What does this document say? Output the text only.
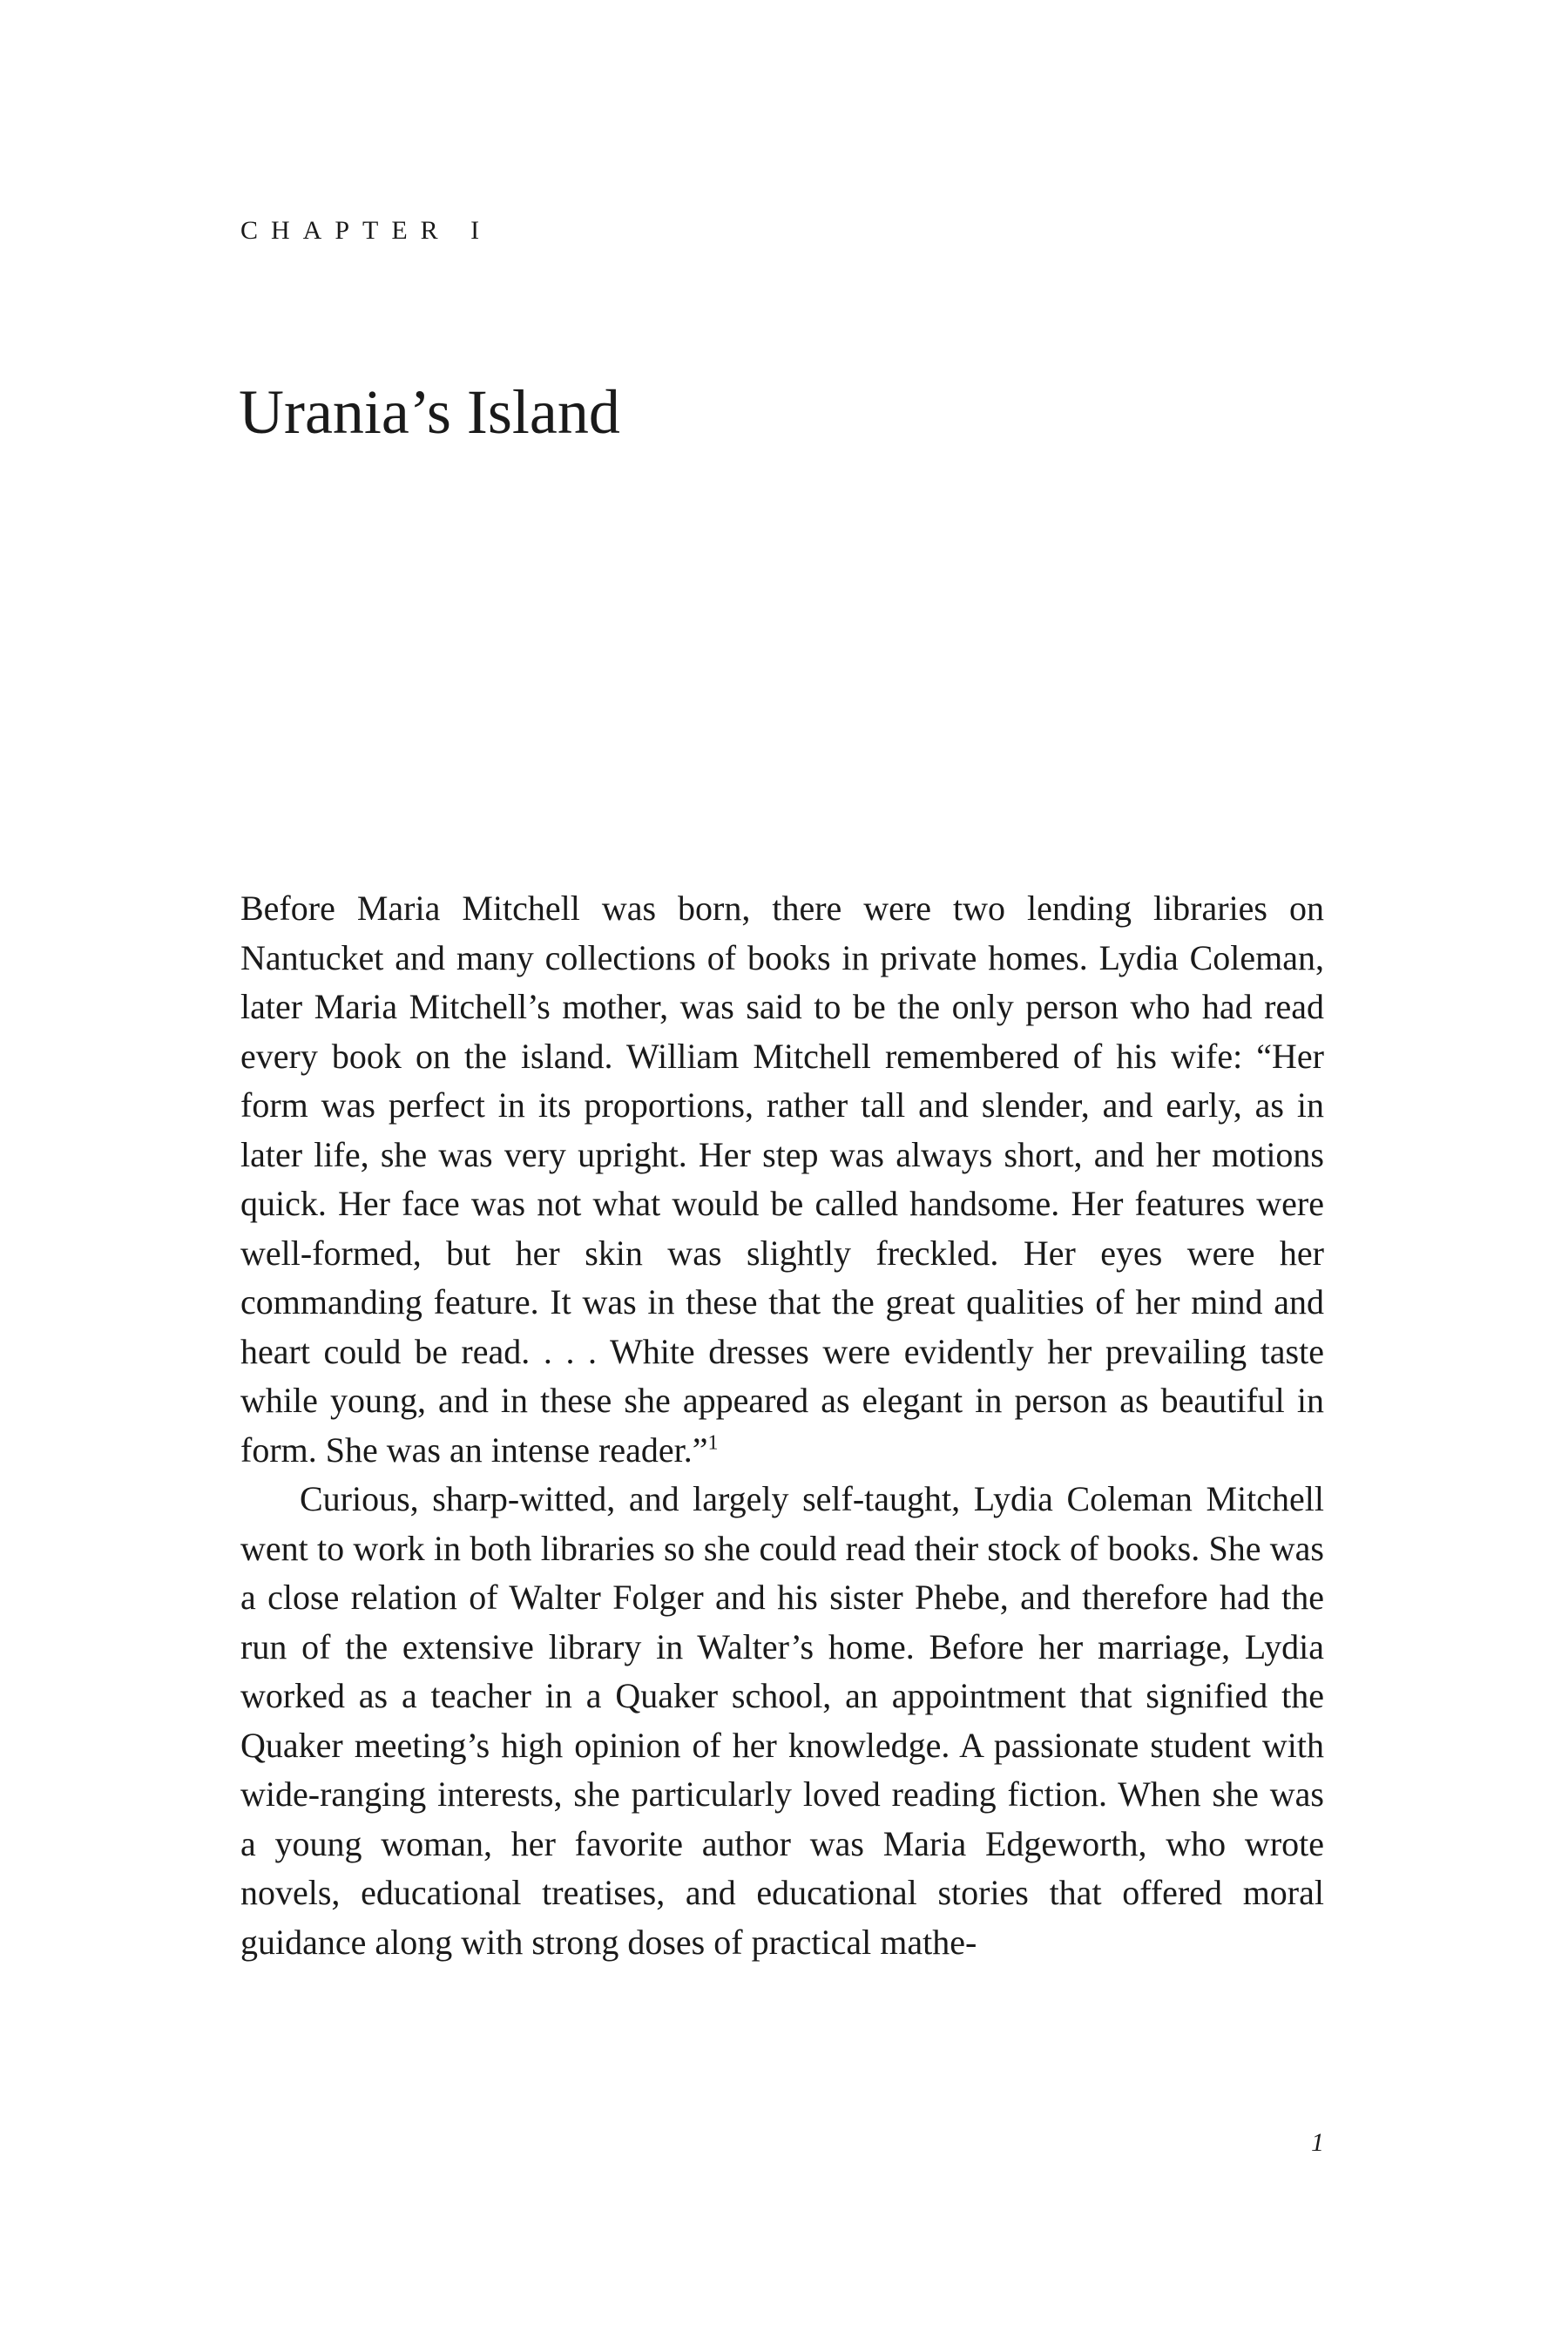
CHAPTER I
Urania’s Island

Before Maria Mitchell was born, there were two lending libraries on Nantucket and many collections of books in private homes. Lydia Coleman, later Maria Mitchell’s mother, was said to be the only person who had read every book on the island. William Mitchell remembered of his wife: “Her form was perfect in its proportions, rather tall and slender, and early, as in later life, she was very upright. Her step was always short, and her motions quick. Her face was not what would be called handsome. Her features were well-formed, but her skin was slightly freckled. Her eyes were her commanding feature. It was in these that the great qualities of her mind and heart could be read. . . . White dresses were evidently her prevailing taste while young, and in these she appeared as elegant in person as beautiful in form. She was an intense reader.”$^1$

Curious, sharp-witted, and largely self-taught, Lydia Coleman Mitchell went to work in both libraries so she could read their stock of books. She was a close relation of Walter Folger and his sister Phebe, and therefore had the run of the extensive library in Walter’s home. Before her marriage, Lydia worked as a teacher in a Quaker school, an appointment that signified the Quaker meeting’s high opinion of her knowledge. A passionate student with wide-ranging interests, she particularly loved reading fiction. When she was a young woman, her favorite author was Maria Edgeworth, who wrote novels, educational treatises, and educational stories that offered moral guidance along with strong doses of practical mathe-

1
